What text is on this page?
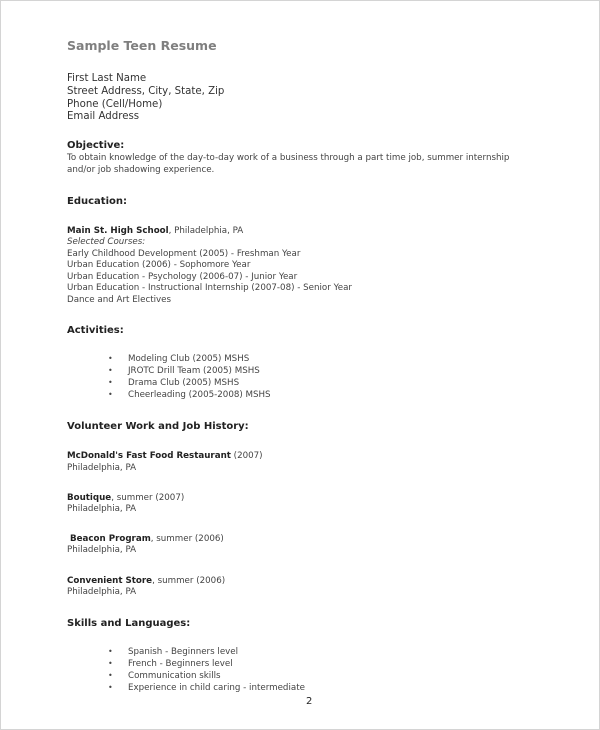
Sample Teen Resume
First Last Name
Street Address, City, State, Zip
Phone (Cell/Home)
Email Address
Objective:
To obtain knowledge of the day-to-day work of a business through a part time job, summer internship
and/or job shadowing experience.
Education:
Main St. High School, Philadelphia, PA
Selected Courses:
Early Childhood Development (2005) - Freshman Year
Urban Education (2006) - Sophomore Year
Urban Education - Psychology (2006-07) - Junior Year
Urban Education - Instructional Internship (2007-08) - Senior Year
Dance and Art Electives
Activities:
• Modeling Club (2005) MSHS
• JROTC Drill Team (2005) MSHS
• Drama Club (2005) MSHS
• Cheerleading (2005-2008) MSHS
Volunteer Work and Job History:
McDonald's Fast Food Restaurant (2007)
Philadelphia, PA
Boutique, summer (2007)
Philadelphia, PA
Beacon Program, summer (2006)
Philadelphia, PA
Convenient Store, summer (2006)
Philadelphia, PA
Skills and Languages:
• Spanish - Beginners level
• French - Beginners level
• Communication skills
• Experience in child caring - intermediate
2
